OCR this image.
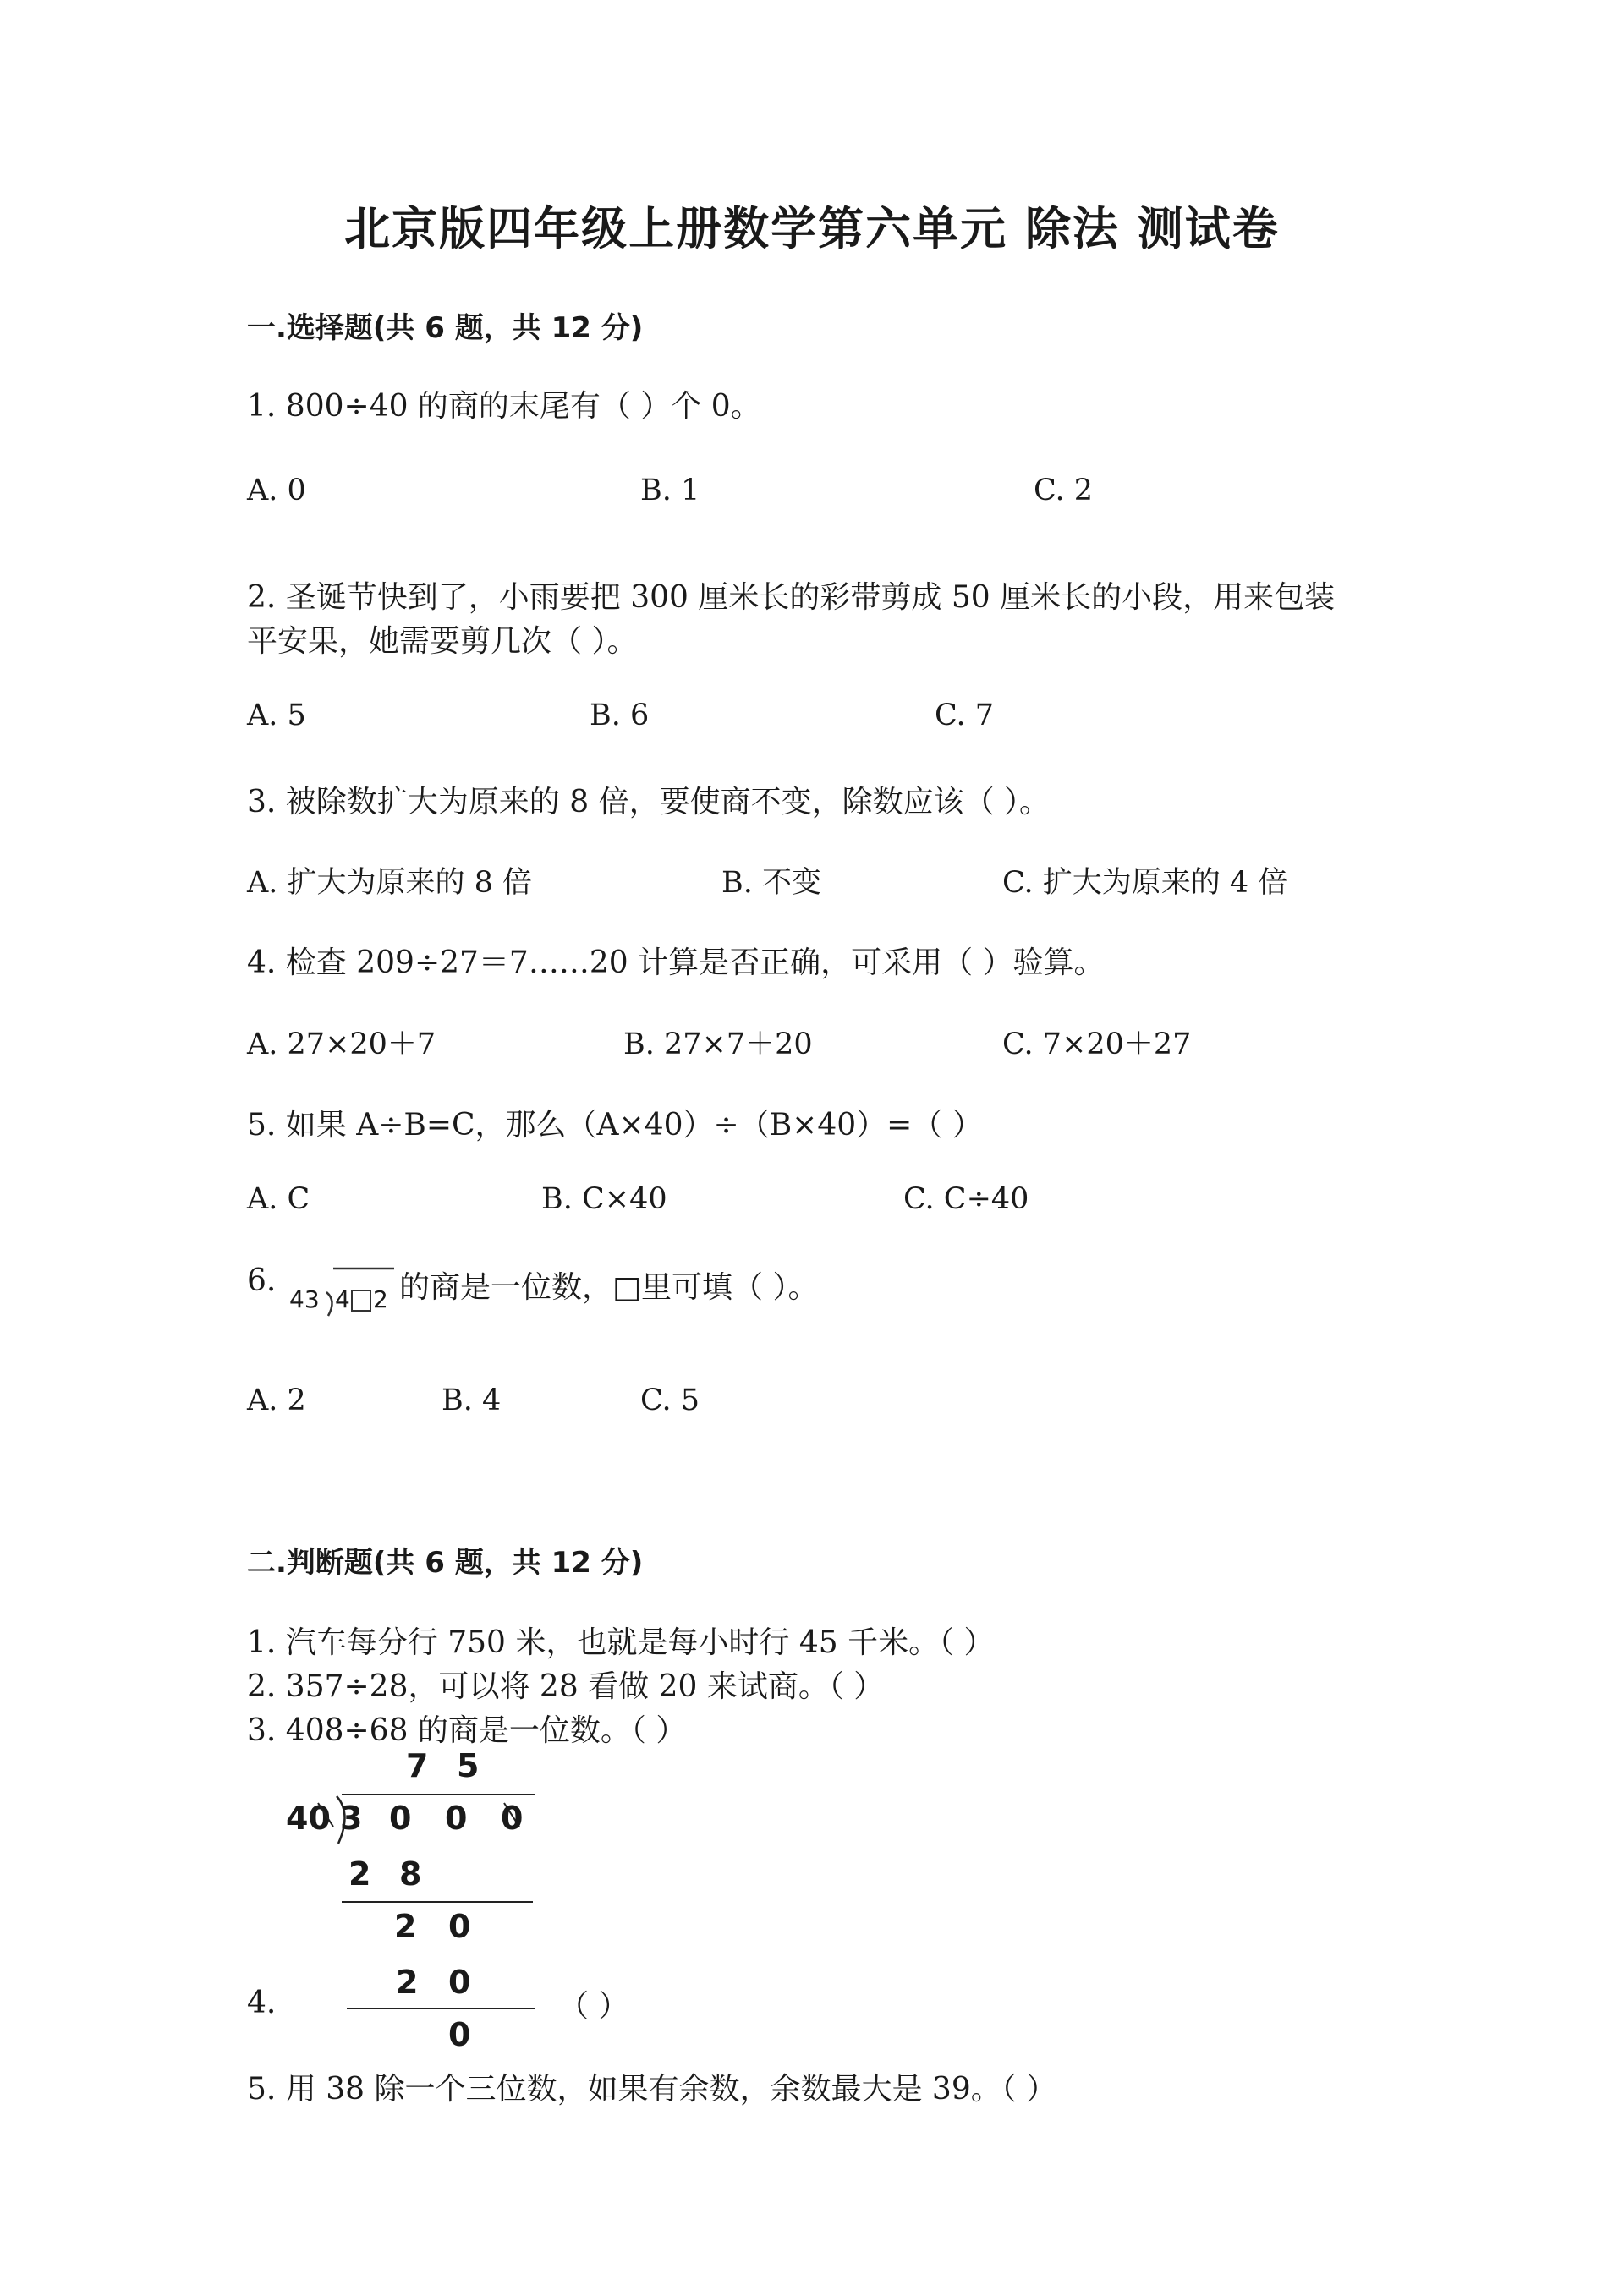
北京版四年级上册数学第六单元 除法 测试卷
一.选择题(共 6 题，共 12 分)
1. 800÷40 的商的末尾有（ ）个 0。
A. 0	B. 1	C. 2
2. 圣诞节快到了，小雨要把 300 厘米长的彩带剪成 50 厘米长的小段，用来包装
平安果，她需要剪几次（ ）。
A. 5	B. 6	C. 7
3. 被除数扩大为原来的 8 倍，要使商不变，除数应该（ ）。
A. 扩大为原来的 8 倍	B. 不变	C. 扩大为原来的 4 倍
4. 检查 209÷27＝7……20 计算是否正确，可采用（ ）验算。
A. 27×20＋7	B. 27×7＋20	C. 7×20＋27
5. 如果 A÷B=C，那么（A×40）÷（B×40）=（ ）
A. C	B. C×40	C. C÷40
6.
43 4 2 的商是一位数，□里可填（ ）。
A. 2	B. 4	C. 5
二.判断题(共 6 题，共 12 分)
1. 汽车每分行 750 米，也就是每小时行 45 千米。（ ）
2. 357÷28，可以将 28 看做 20 来试商。（ ）
3. 408÷68 的商是一位数。（ ）
7 5
40 3 0 0 0
2 8
2 0
2 0
0
4.	（ ）
5. 用 38 除一个三位数，如果有余数，余数最大是 39。（ ）
